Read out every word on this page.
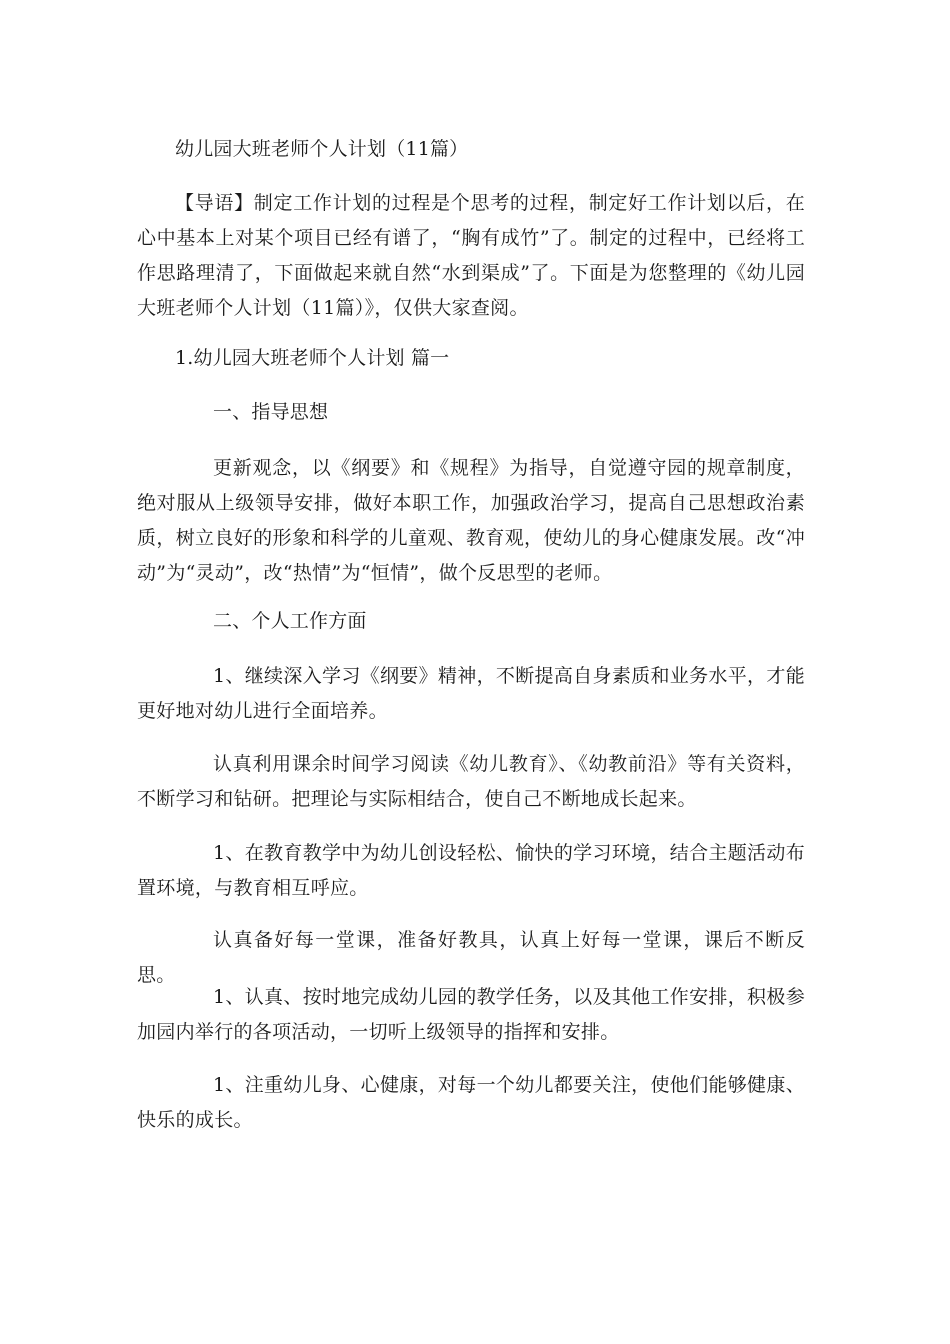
幼儿园大班老师个人计划（11篇）

【导语】制定工作计划的过程是个思考的过程，制定好工作计划以后，在心中基本上对某个项目已经有谱了，“胸有成竹”了。制定的过程中，已经将工作思路理清了，下面做起来就自然“水到渠成”了。下面是为您整理的《幼儿园大班老师个人计划（11篇）》，仅供大家查阅。

1.幼儿园大班老师个人计划 篇一

一、指导思想

更新观念，以《纲要》和《规程》为指导，自觉遵守园的规章制度，绝对服从上级领导安排，做好本职工作，加强政治学习，提高自己思想政治素质，树立良好的形象和科学的儿童观、教育观，使幼儿的身心健康发展。改“冲动”为“灵动”，改“热情”为“恒情”，做个反思型的老师。

二、个人工作方面

1、继续深入学习《纲要》精神，不断提高自身素质和业务水平，才能更好地对幼儿进行全面培养。

认真利用课余时间学习阅读《幼儿教育》、《幼教前沿》等有关资料，不断学习和钻研。把理论与实际相结合，使自己不断地成长起来。

1、在教育教学中为幼儿创设轻松、愉快的学习环境，结合主题活动布置环境，与教育相互呼应。

认真备好每一堂课，准备好教具，认真上好每一堂课，课后不断反思。

1、认真、按时地完成幼儿园的教学任务，以及其他工作安排，积极参加园内举行的各项活动，一切听上级领导的指挥和安排。

1、注重幼儿身、心健康，对每一个幼儿都要关注，使他们能够健康、快乐的成长。
